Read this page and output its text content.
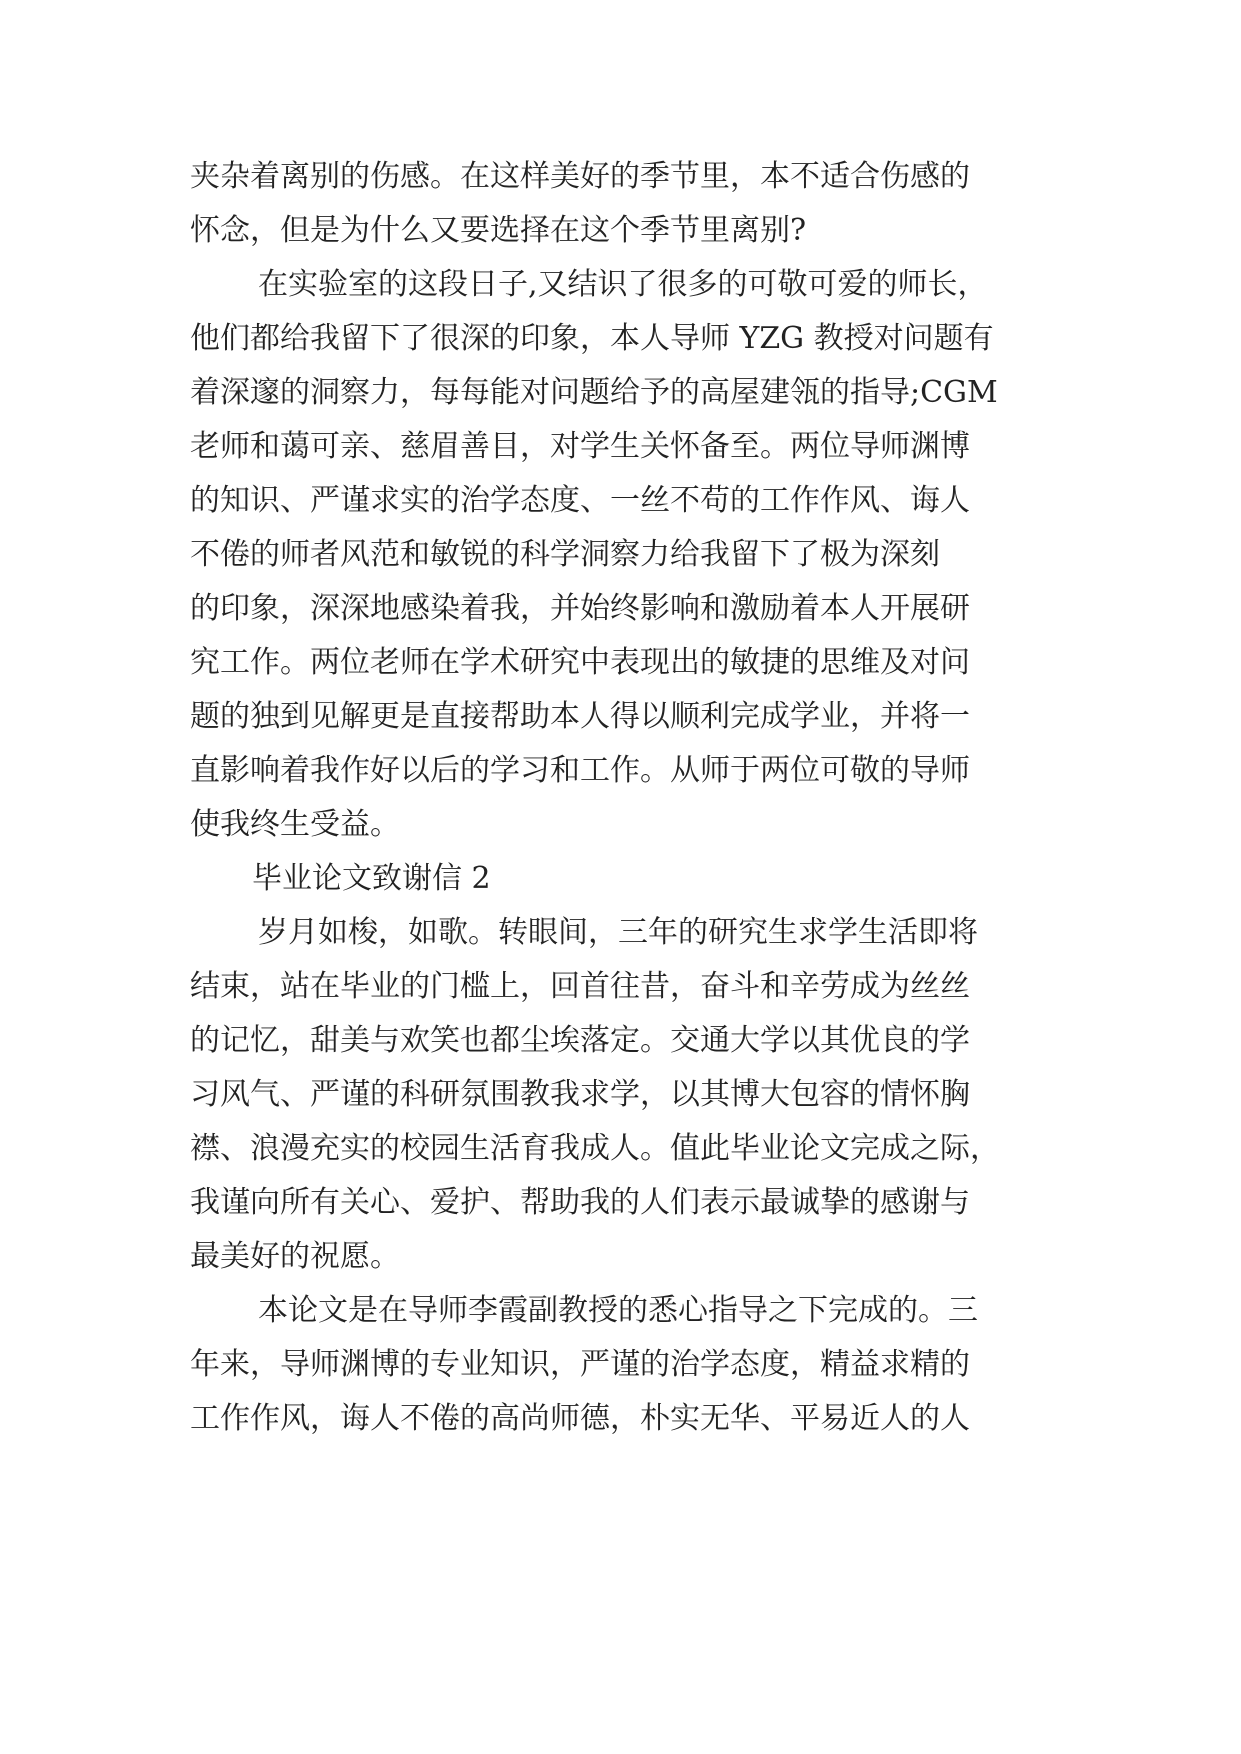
夹杂着离别的伤感。在这样美好的季节里，本不适合伤感的
怀念，但是为什么又要选择在这个季节里离别?
在实验室的这段日子,又结识了很多的可敬可爱的师长，
他们都给我留下了很深的印象，本人导师 YZG 教授对问题有
着深邃的洞察力，每每能对问题给予的高屋建瓴的指导;CGM
老师和蔼可亲、慈眉善目，对学生关怀备至。两位导师渊博
的知识、严谨求实的治学态度、一丝不苟的工作作风、诲人
不倦的师者风范和敏锐的科学洞察力给我留下了极为深刻
的印象，深深地感染着我，并始终影响和激励着本人开展研
究工作。两位老师在学术研究中表现出的敏捷的思维及对问
题的独到见解更是直接帮助本人得以顺利完成学业，并将一
直影响着我作好以后的学习和工作。从师于两位可敬的导师
使我终生受益。
毕业论文致谢信 2
岁月如梭，如歌。转眼间，三年的研究生求学生活即将
结束，站在毕业的门槛上，回首往昔，奋斗和辛劳成为丝丝
的记忆，甜美与欢笑也都尘埃落定。交通大学以其优良的学
习风气、严谨的科研氛围教我求学，以其博大包容的情怀胸
襟、浪漫充实的校园生活育我成人。值此毕业论文完成之际，
我谨向所有关心、爱护、帮助我的人们表示最诚挚的感谢与
最美好的祝愿。
本论文是在导师李霞副教授的悉心指导之下完成的。三
年来，导师渊博的专业知识，严谨的治学态度，精益求精的
工作作风，诲人不倦的高尚师德，朴实无华、平易近人的人
